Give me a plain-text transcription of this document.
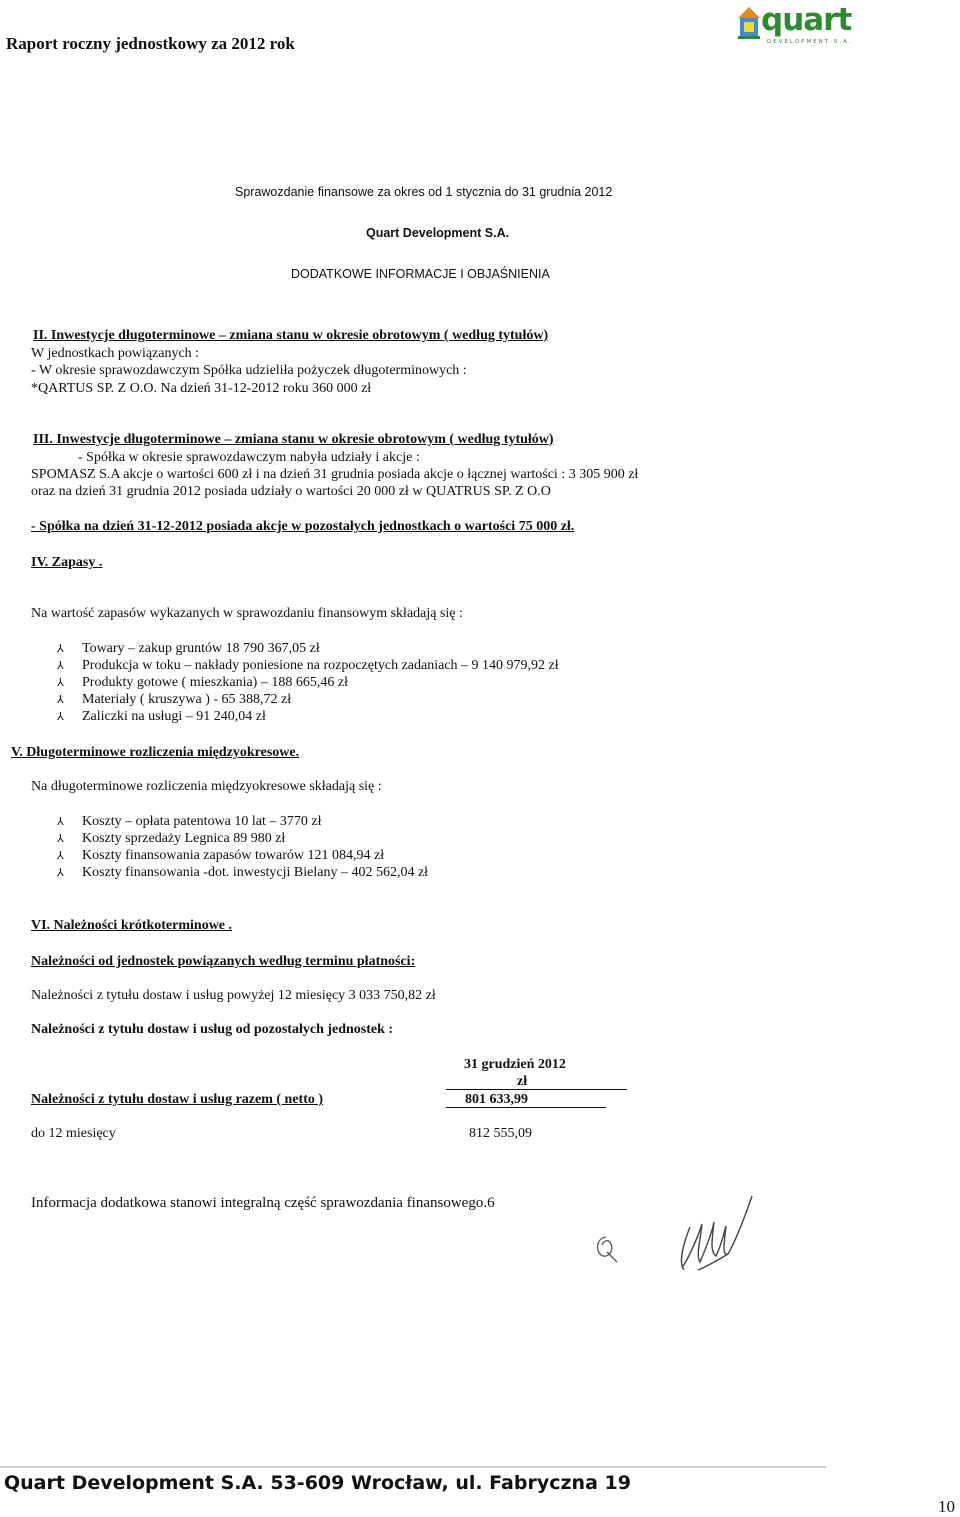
Raport roczny jednostkowy za 2012 rok
quart
DEVELOPMENT S.A.
Sprawozdanie finansowe za okres od 1 stycznia do 31 grudnia 2012
Quart Development S.A.
DODATKOWE INFORMACJE I OBJAŚNIENIA
II. Inwestycje długoterminowe – zmiana stanu w okresie obrotowym ( według tytułów)
W jednostkach powiązanych :
- W okresie sprawozdawczym Spółka udzieliła pożyczek długoterminowych :
*QARTUS SP. Z O.O. Na dzień 31-12-2012 roku 360 000 zł
III. Inwestycje długoterminowe – zmiana stanu w okresie obrotowym ( według tytułów)
- Spółka w okresie sprawozdawczym nabyła udziały i akcje :
SPOMASZ S.A akcje o wartości 600 zł i na dzień 31 grudnia posiada akcje o łącznej wartości : 3 305 900 zł
oraz na dzień 31 grudnia 2012 posiada udziały o wartości 20 000 zł w QUATRUS SP. Z O.O
- Spółka na dzień 31-12-2012 posiada akcje w pozostałych jednostkach o wartości 75 000 zł.
IV. Zapasy .
Na wartość zapasów wykazanych w sprawozdaniu finansowym składają się :
⅄ Towary – zakup gruntów 18 790 367,05 zł
⅄ Produkcja w toku – nakłady poniesione na rozpoczętych zadaniach – 9 140 979,92 zł
⅄ Produkty gotowe ( mieszkania) – 188 665,46 zł
⅄ Materiały ( kruszywa ) - 65 388,72 zł
⅄ Zaliczki na usługi – 91 240,04 zł
V. Długoterminowe rozliczenia międzyokresowe.
Na długoterminowe rozliczenia międzyokresowe składają się :
⅄ Koszty – opłata patentowa 10 lat – 3770 zł
⅄ Koszty sprzedaży Legnica 89 980 zł
⅄ Koszty finansowania zapasów towarów 121 084,94 zł
⅄ Koszty finansowania -dot. inwestycji Bielany – 402 562,04 zł
VI. Należności krótkoterminowe .
Należności od jednostek powiązanych według terminu płatności:
Należności z tytułu dostaw i usług powyżej 12 miesięcy 3 033 750,82 zł
Należności z tytułu dostaw i usług od pozostałych jednostek :
31 grudzień 2012
zł
Należności z tytułu dostaw i usług razem ( netto )	801 633,99
do 12 miesięcy	812 555,09
Informacja dodatkowa stanowi integralną część sprawozdania finansowego.6
Quart Development S.A. 53-609 Wrocław, ul. Fabryczna 19
10
